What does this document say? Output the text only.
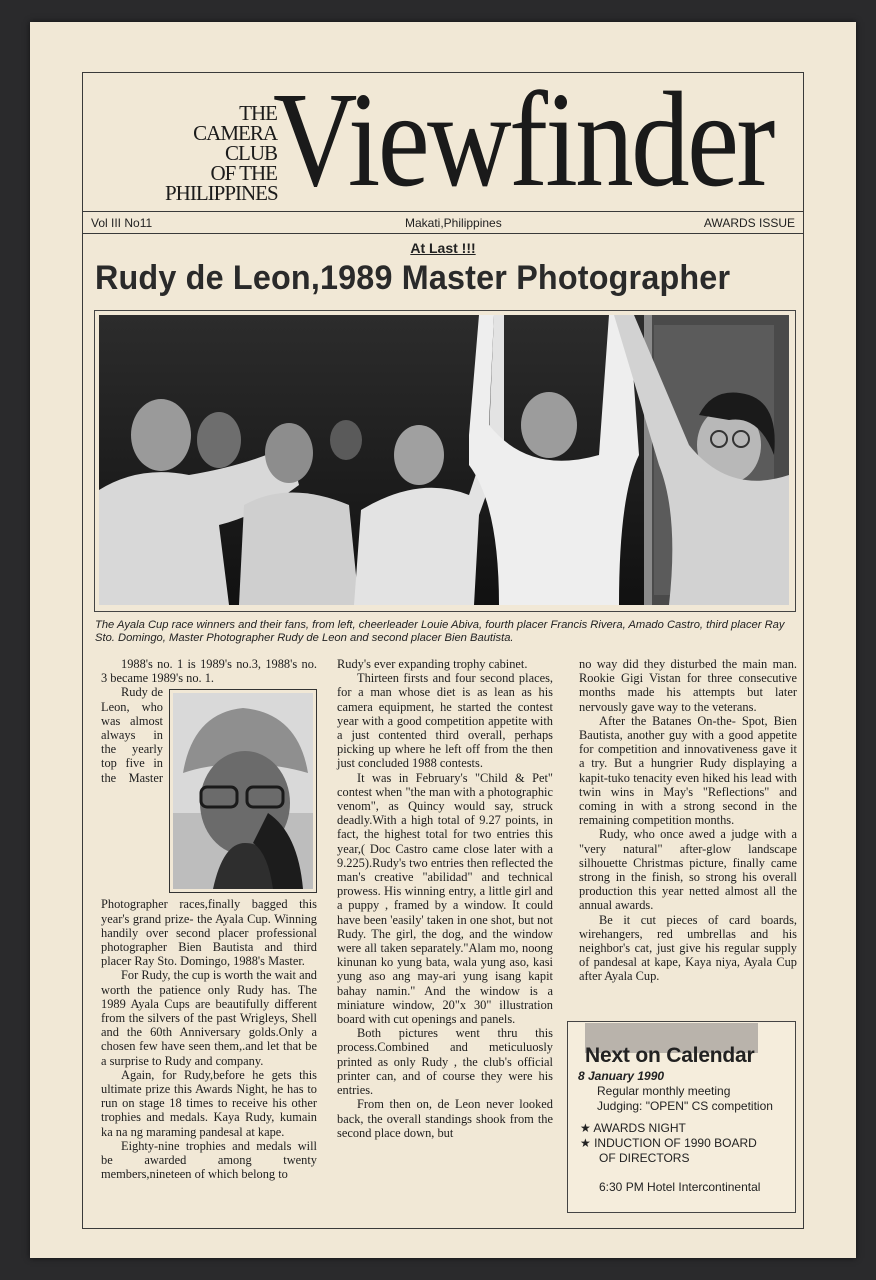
THE
CAMERA CLUB
OF THE
PHILIPPINES
Viewfinder
Vol III No11	Makati,Philippines	AWARDS ISSUE
At Last !!!
Rudy de Leon,1989 Master Photographer
The Ayala Cup race winners and their fans, from left, cheerleader Louie Abiva, fourth placer Francis Rivera, Amado Castro, third placer Ray Sto. Domingo, Master Photographer Rudy de Leon and second placer Bien Bautista.

1988's no. 1 is 1989's no.3, 1988's no. 3 became 1989's no. 1.

Rudy de Leon, who was almost always in the yearly top five in the Master Photographer races,finally bagged this year's grand prize- the Ayala Cup. Winning handily over second placer professional photographer Bien Bautista and third placer Ray Sto. Domingo, 1988's Master.

For Rudy, the cup is worth the wait and worth the patience only Rudy has. The 1989 Ayala Cups are beautifully different from the silvers of the past Wrigleys, Shell and the 60th Anniversary golds.Only a chosen few have seen them,.and let that be a surprise to Rudy and company.

Again, for Rudy,before he gets this ultimate prize this Awards Night, he has to run on stage 18 times to receive his other trophies and medals. Kaya Rudy, kumain ka na ng maraming pandesal at kape.

Eighty-nine trophies and medals will be awarded among twenty members,nineteen of which belong to

Rudy's ever expanding trophy cabinet.

Thirteen firsts and four second places, for a man whose diet is as lean as his camera equipment, he started the contest year with a good competition appetite with a just contented third overall, perhaps picking up where he left off from the then just concluded 1988 contests.

It was in February's "Child & Pet" contest when "the man with a photographic venom", as Quincy would say, struck deadly.With a high total of 9.27 points, in fact, the highest total for two entries this year,( Doc Castro came close later with a 9.225).Rudy's two entries then reflected the man's creative "abilidad" and technical prowess. His winning entry, a little girl and a puppy , framed by a window. It could have been 'easily' taken in one shot, but not Rudy. The girl, the dog, and the window were all taken separately."Alam mo, noong kinunan ko yung bata, wala yung aso, kasi yung aso ang may-ari yung isang kapit bahay namin." And the window is a miniature window, 20"x 30" illustration board with cut openings and panels.

Both pictures went thru this process.Combined and meticuluosly printed as only Rudy , the club's official printer can, and of course they were his entries.

From then on, de Leon never looked back, the overall standings shook from the second place down, but

no way did they disturbed the main man. Rookie Gigi Vistan for three consecutive months made his attempts but later nervously gave way to the veterans.

After the Batanes On-the- Spot, Bien Bautista, another guy with a good appetite for competition and innovativeness gave it a try. But a hungrier Rudy displaying a kapit-tuko tenacity even hiked his lead with twin wins in May's "Reflections" and coming in with a strong second in the remaining competition months.

Rudy, who once awed a judge with a "very natural" after-glow landscape silhouette Christmas picture, finally came strong in the finish, so strong his overall production this year netted almost all the annual awards.

Be it cut pieces of card boards, wirehangers, red umbrellas and his neighbor's cat, just give his regular supply of pandesal at kape, Kaya niya, Ayala Cup after Ayala Cup.

Next on Calendar
8 January 1990
Regular monthly meeting
Judging: "OPEN" CS competition
★ AWARDS NIGHT
★ INDUCTION OF 1990 BOARD
OF DIRECTORS
6:30 PM Hotel Intercontinental
